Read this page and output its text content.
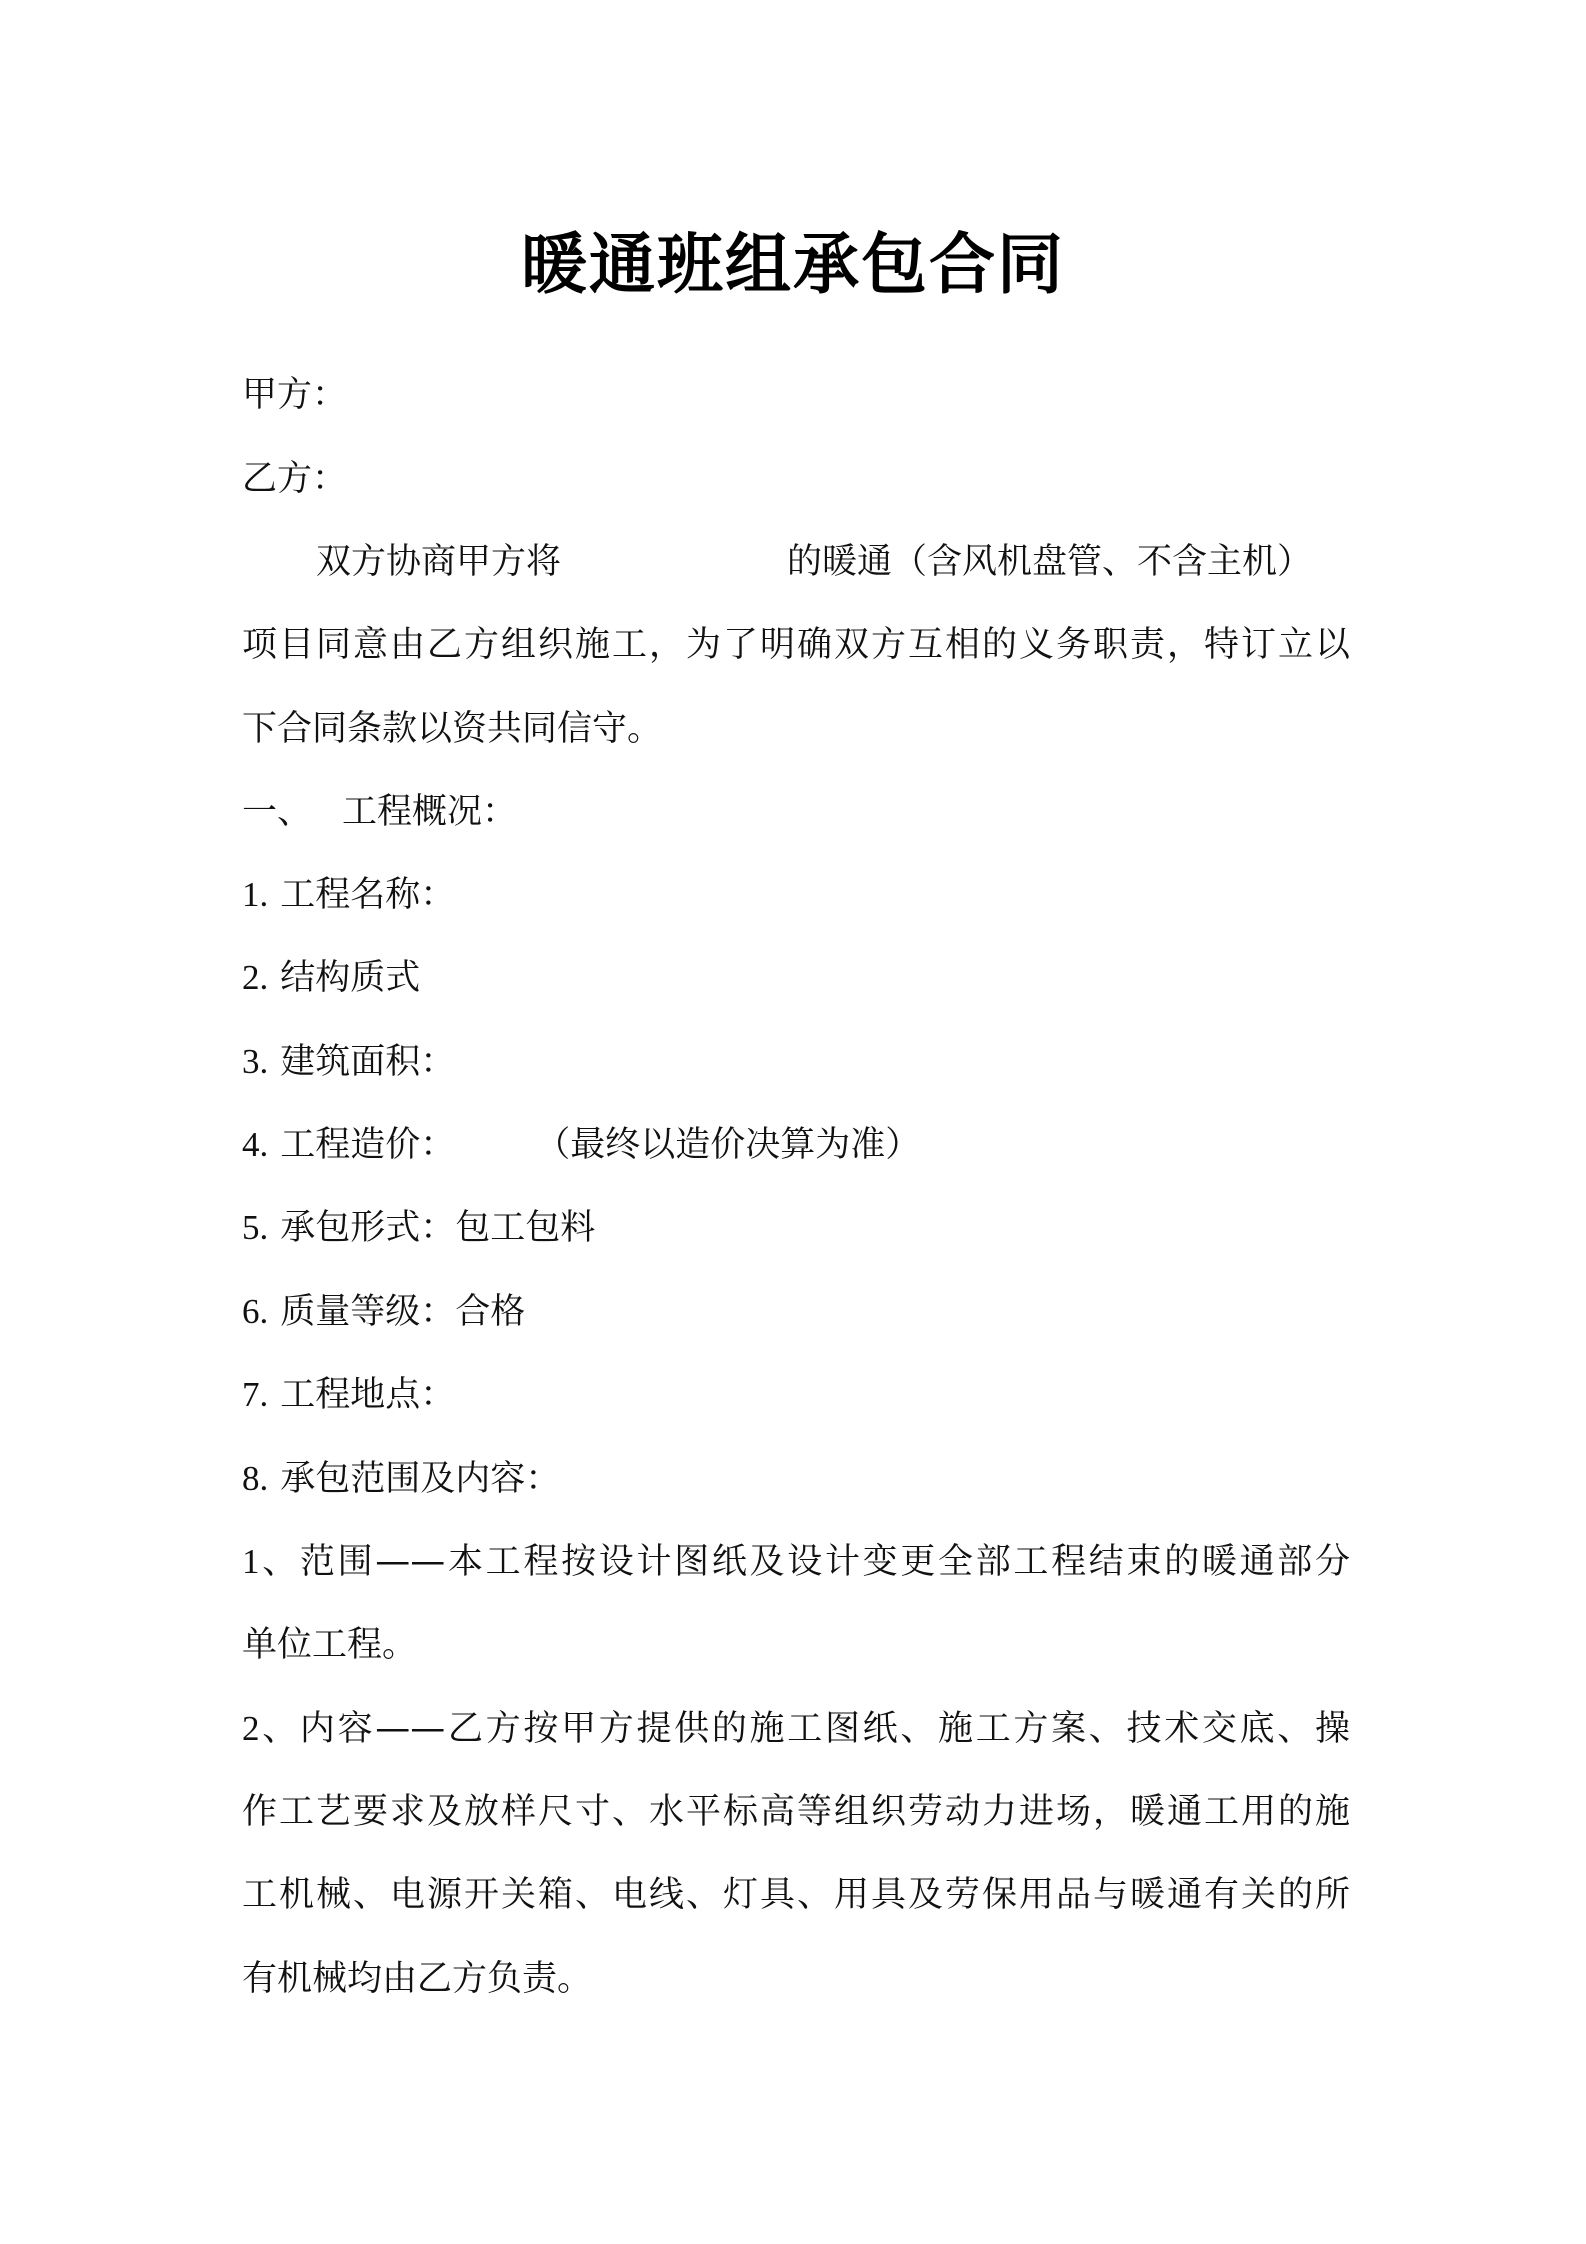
暖通班组承包合同
甲方：
乙方：
双方协商甲方将	的暖通（含风机盘管、不含主机）
项目同意由乙方组织施工，为了明确双方互相的义务职责，特订立以
下合同条款以资共同信守。
一、 工程概况：
1. 工程名称：
2. 结构质式
3. 建筑面积：
4. 工程造价： （最终以造价决算为准）
5. 承包形式：包工包料
6. 质量等级：合格
7. 工程地点：
8. 承包范围及内容：
1、范围——本工程按设计图纸及设计变更全部工程结束的暖通部分
单位工程。
2、内容——乙方按甲方提供的施工图纸、施工方案、技术交底、操
作工艺要求及放样尺寸、水平标高等组织劳动力进场，暖通工用的施
工机械、电源开关箱、电线、灯具、用具及劳保用品与暖通有关的所
有机械均由乙方负责。
